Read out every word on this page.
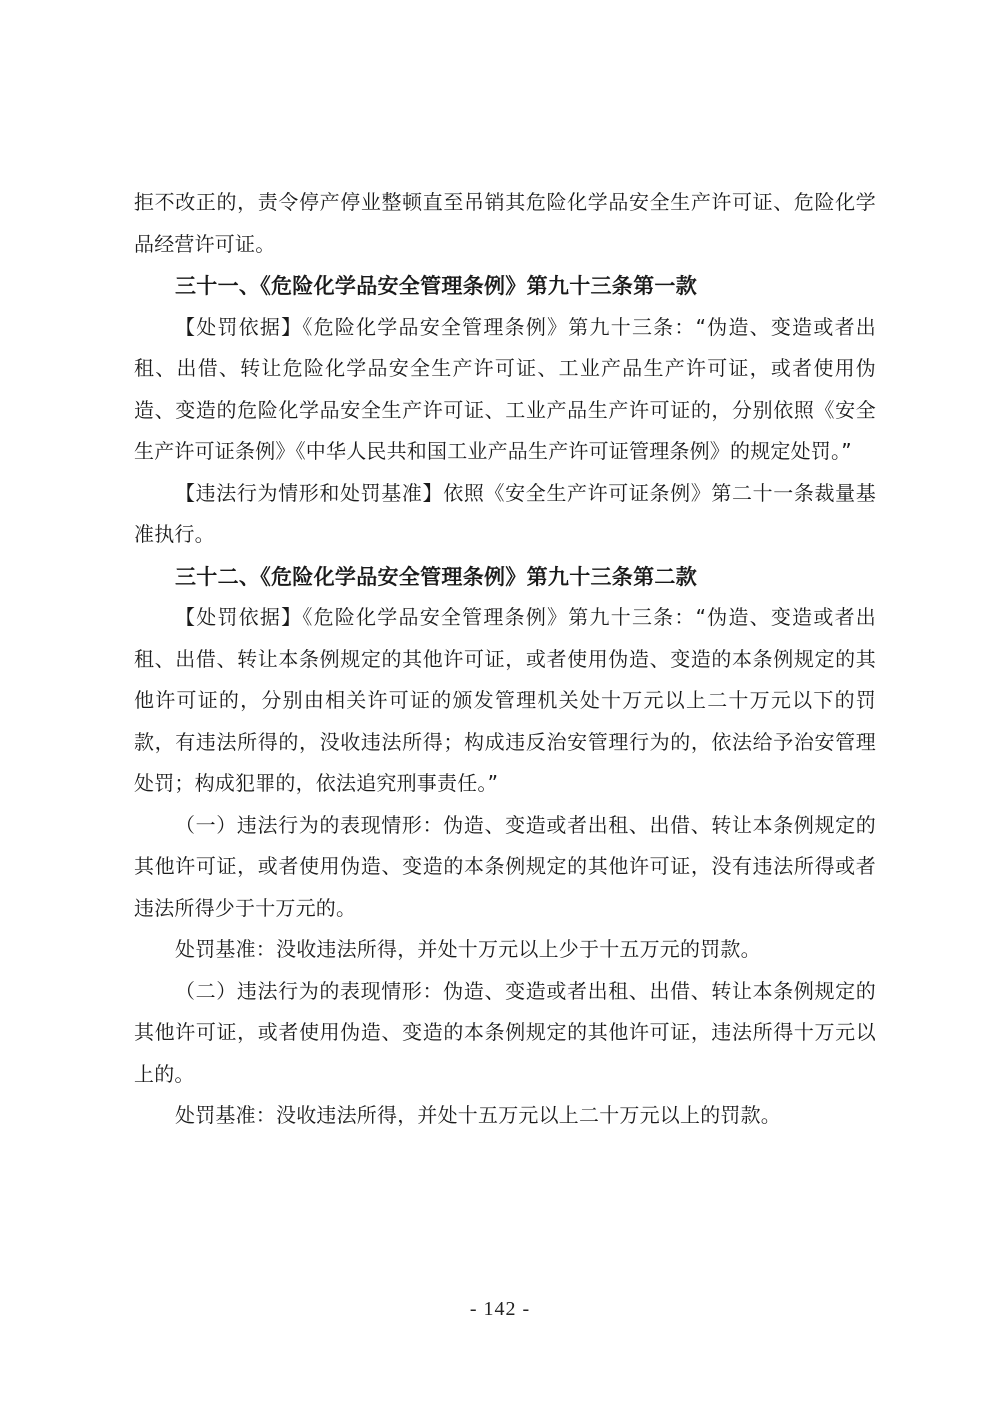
拒不改正的，责令停产停业整顿直至吊销其危险化学品安全生产许可证、危险化学品经营许可证。

三十一、《危险化学品安全管理条例》第九十三条第一款

【处罚依据】《危险化学品安全管理条例》第九十三条：“伪造、变造或者出租、出借、转让危险化学品安全生产许可证、工业产品生产许可证，或者使用伪造、变造的危险化学品安全生产许可证、工业产品生产许可证的，分别依照《安全生产许可证条例》《中华人民共和国工业产品生产许可证管理条例》的规定处罚。”

【违法行为情形和处罚基准】依照《安全生产许可证条例》第二十一条裁量基准执行。

三十二、《危险化学品安全管理条例》第九十三条第二款

【处罚依据】《危险化学品安全管理条例》第九十三条：“伪造、变造或者出租、出借、转让本条例规定的其他许可证，或者使用伪造、变造的本条例规定的其他许可证的，分别由相关许可证的颁发管理机关处十万元以上二十万元以下的罚款，有违法所得的，没收违法所得；构成违反治安管理行为的，依法给予治安管理处罚；构成犯罪的，依法追究刑事责任。”

（一）违法行为的表现情形：伪造、变造或者出租、出借、转让本条例规定的其他许可证，或者使用伪造、变造的本条例规定的其他许可证，没有违法所得或者违法所得少于十万元的。

处罚基准：没收违法所得，并处十万元以上少于十五万元的罚款。

（二）违法行为的表现情形：伪造、变造或者出租、出借、转让本条例规定的其他许可证，或者使用伪造、变造的本条例规定的其他许可证，违法所得十万元以上的。

处罚基准：没收违法所得，并处十五万元以上二十万元以上的罚款。

- 142 -
